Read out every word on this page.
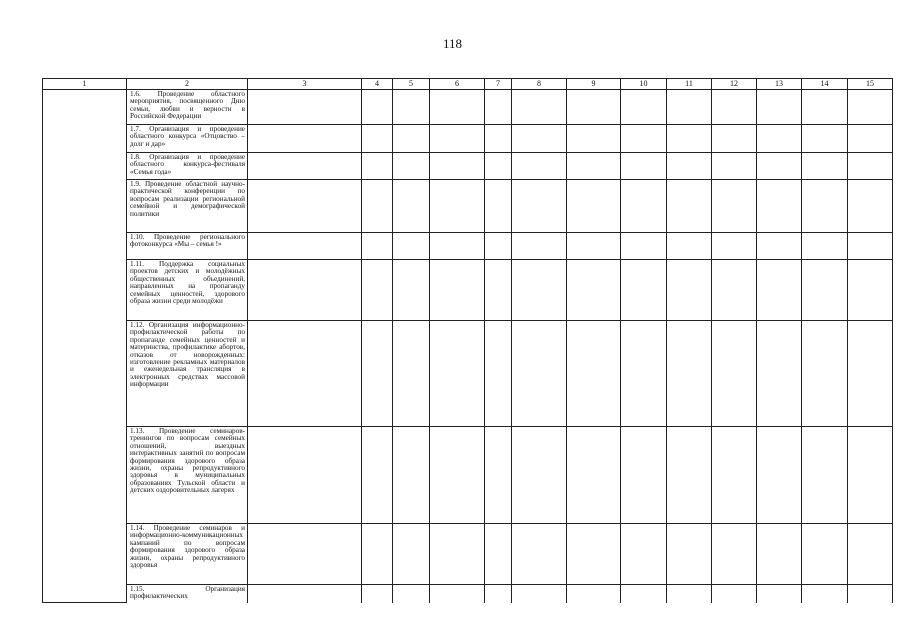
118
1	2	3	4	5	6	7	8	9	10	11	12	13	14	15
	1.6. Проведение областного мероприятия, посвященного Дню семьи, любви и верности в Российской Федерации													
	1.7. Организация и проведение областного конкурса «Отцовство – долг и дар»													
	1.8. Организация и проведение областного конкурса-фестиваля «Семья года»													
	1.9. Проведение областной научно-практической конференции по вопросам реализации региональной семейной и демографической политики													
	1.10. Проведение регионального фотоконкурса «Мы – семья !»													
	1.11. Поддержка социальных проектов детских и молодёжных общественных объединений, направленных на пропаганду семейных ценностей, здорового образа жизни среди молодёжи													
	1.12. Организация информационно-профилактической работы по пропаганде семейных ценностей и материнства, профилактике абортов, отказов от новорожденных: изготовление рекламных материалов и еженедельная трансляция в электронных средствах массовой информации													
	1.13. Проведение семинаров-тренингов по вопросам семейных отношений, выездных интерактивных занятий по вопросам формирования здорового образа жизни, охраны репродуктивного здоровья в муниципальных образованиях Тульской области и детских оздоровительных лагерях													
	1.14. Проведение семинаров и информационно-коммуникационных кампаний по вопросам формирования здорового образа жизни, охраны репродуктивного здоровья													
	1.15. Организация профилактических													
